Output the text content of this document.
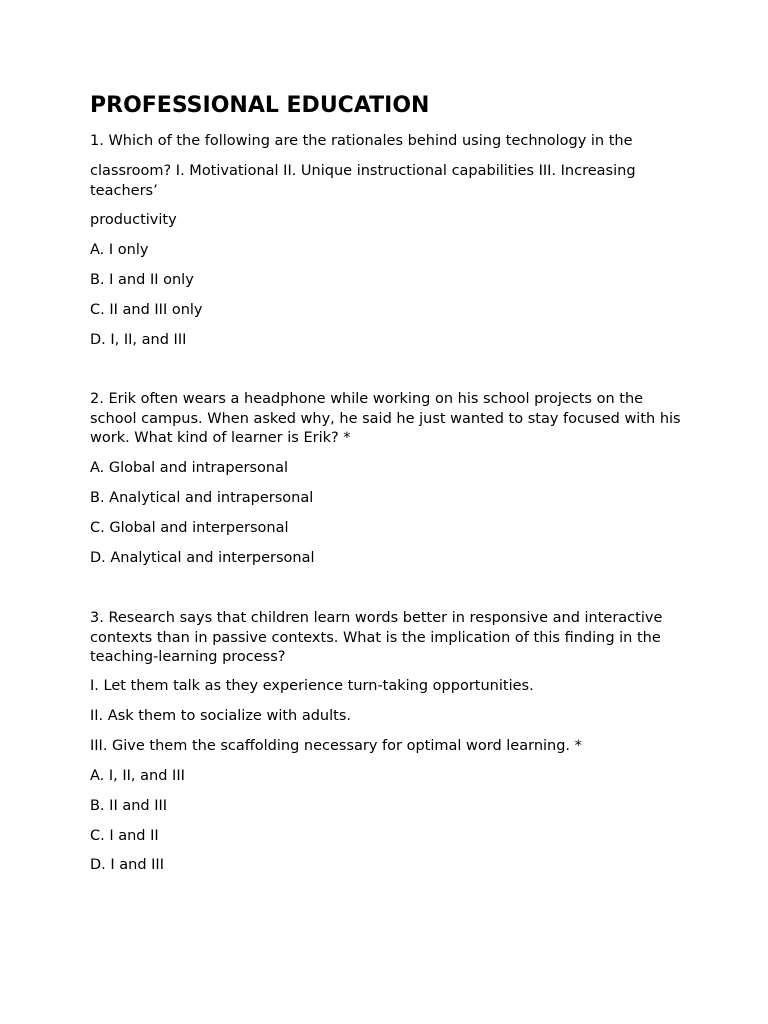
PROFESSIONAL EDUCATION

1. Which of the following are the rationales behind using technology in the

classroom? I. Motivational II. Unique instructional capabilities III. Increasing teachers’

productivity

A. I only

B. I and II only

C. II and III only

D. I, II, and III

2. Erik often wears a headphone while working on his school projects on the school campus. When asked why, he said he just wanted to stay focused with his work. What kind of learner is Erik? *

A. Global and intrapersonal

B. Analytical and intrapersonal

C. Global and interpersonal

D. Analytical and interpersonal

3. Research says that children learn words better in responsive and interactive contexts than in passive contexts. What is the implication of this finding in the teaching-learning process?

I. Let them talk as they experience turn-taking opportunities.

II. Ask them to socialize with adults.

III. Give them the scaffolding necessary for optimal word learning. *

A. I, II, and III

B. II and III

C. I and II

D. I and III
